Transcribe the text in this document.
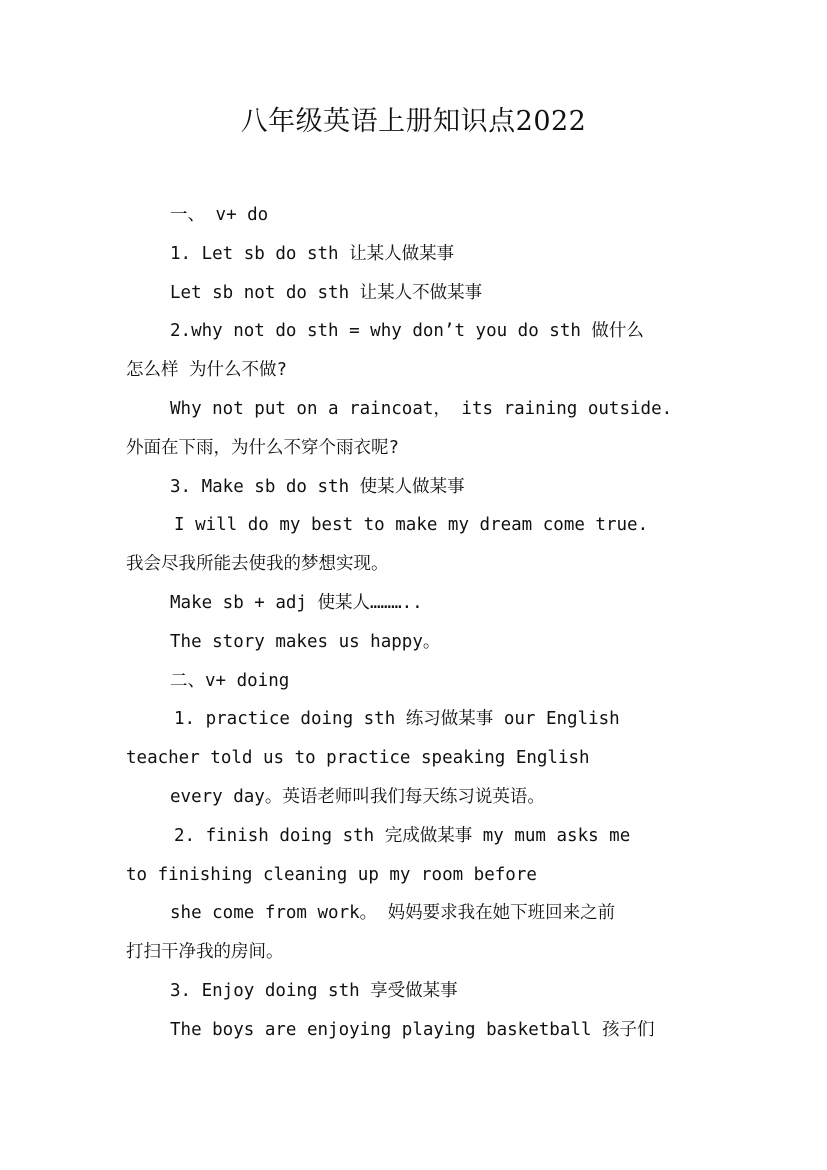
八年级英语上册知识点2022

一、 v+ do

1. Let sb do sth 让某人做某事

Let sb not do sth 让某人不做某事

2.why not do sth = why don’t you do sth 做什么

怎么样 为什么不做?

Why not put on a raincoat， its raining outside.

外面在下雨，为什么不穿个雨衣呢?

3. Make sb do sth 使某人做某事

I will do my best to make my dream come true.

我会尽我所能去使我的梦想实现。

Make sb + adj 使某人………..

The story makes us happy。

二、v+ doing

1. practice doing sth 练习做某事 our English

teacher told us to practice speaking English

every day。英语老师叫我们每天练习说英语。

2. finish doing sth 完成做某事 my mum asks me

to finishing cleaning up my room before

she come from work。 妈妈要求我在她下班回来之前

打扫干净我的房间。

3. Enjoy doing sth 享受做某事

The boys are enjoying playing basketball 孩子们
